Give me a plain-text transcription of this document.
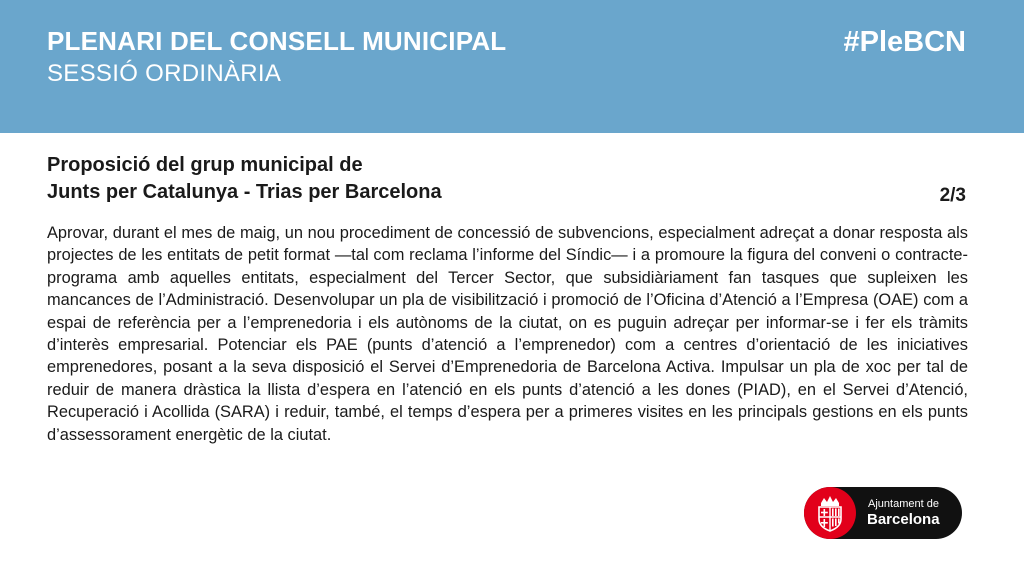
PLENARI DEL CONSELL MUNICIPAL
SESSIÓ ORDINÀRIA
#PleBCN
Proposició del grup municipal de
Junts per Catalunya - Trias per Barcelona	2/3
Aprovar, durant el mes de maig, un nou procediment de concessió de subvencions, especialment adreçat a donar resposta als projectes de les entitats de petit format —tal com reclama l’informe del Síndic— i a promoure la figura del conveni o contracte-programa amb aquelles entitats, especialment del Tercer Sector, que subsidiàriament fan tasques que supleixen les mancances de l’Administració. Desenvolupar un pla de visibilització i promoció de l’Oficina d’Atenció a l’Empresa (OAE) com a espai de referència per a l’emprenedoria i els autònoms de la ciutat, on es puguin adreçar per informar-se i fer els tràmits d’interès empresarial. Potenciar els PAE (punts d’atenció a l’emprenedor) com a centres d’orientació de les iniciatives emprenedores, posant a la seva disposició el Servei d’Emprenedoria de Barcelona Activa. Impulsar un pla de xoc per tal de reduir de manera dràstica la llista d’espera en l’atenció en els punts d’atenció a les dones (PIAD), en el Servei d’Atenció, Recuperació i Acollida (SARA) i reduir, també, el temps d’espera per a primeres visites en les principals gestions en els punts d’assessorament energètic de la ciutat.
Ajuntament de
Barcelona
